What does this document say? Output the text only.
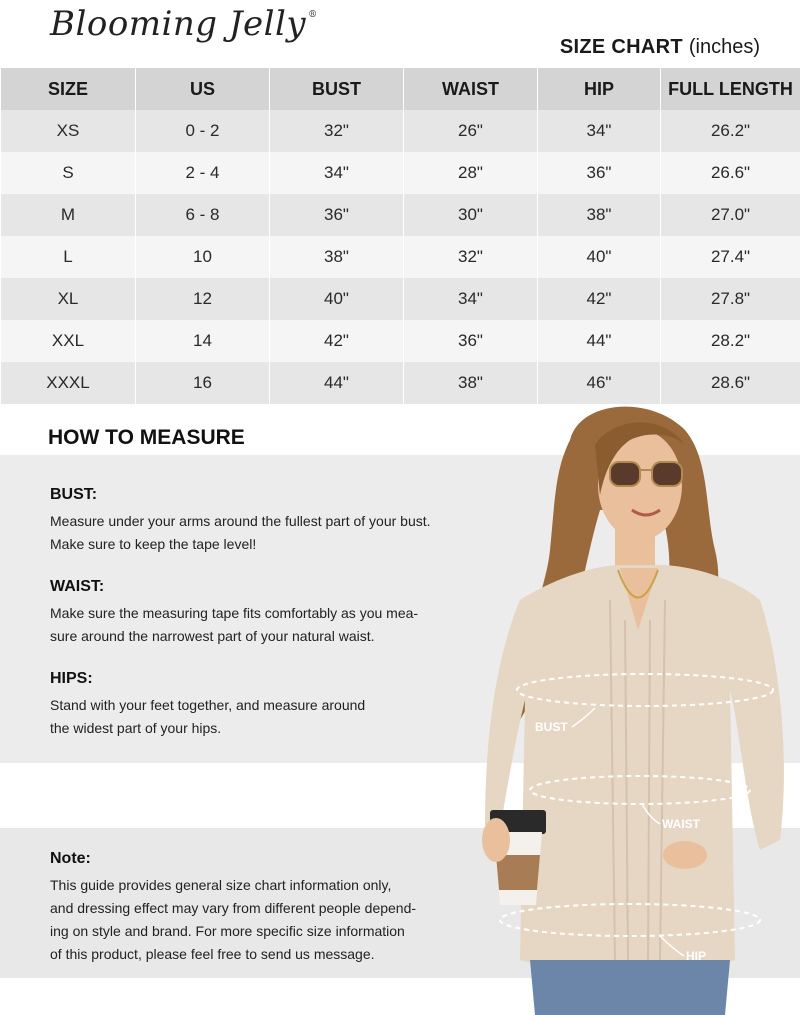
Blooming Jelly ®
SIZE CHART (inches)
SIZE	US	BUST	WAIST	HIP	FULL LENGTH
XS	0 - 2	32"	26"	34"	26.2"
S	2 - 4	34"	28"	36"	26.6"
M	6 - 8	36"	30"	38"	27.0"
L	10	38"	32"	40"	27.4"
XL	12	40"	34"	42"	27.8"
XXL	14	42"	36"	44"	28.2"
XXXL	16	44"	38"	46"	28.6"
HOW TO MEASURE
BUST:

Measure under your arms around the fullest part of your bust.

Make sure to keep the tape level!

WAIST:

Make sure the measuring tape fits comfortably as you mea-

sure around the narrowest part of your natural waist.

HIPS:

Stand with your feet together, and measure around

the widest part of your hips.

Note:

This guide provides general size chart information only,

and dressing effect may vary from different people depend-

ing on style and brand. For more specific size information

of this product, please feel free to send us message.

BUST
WAIST
HIP
